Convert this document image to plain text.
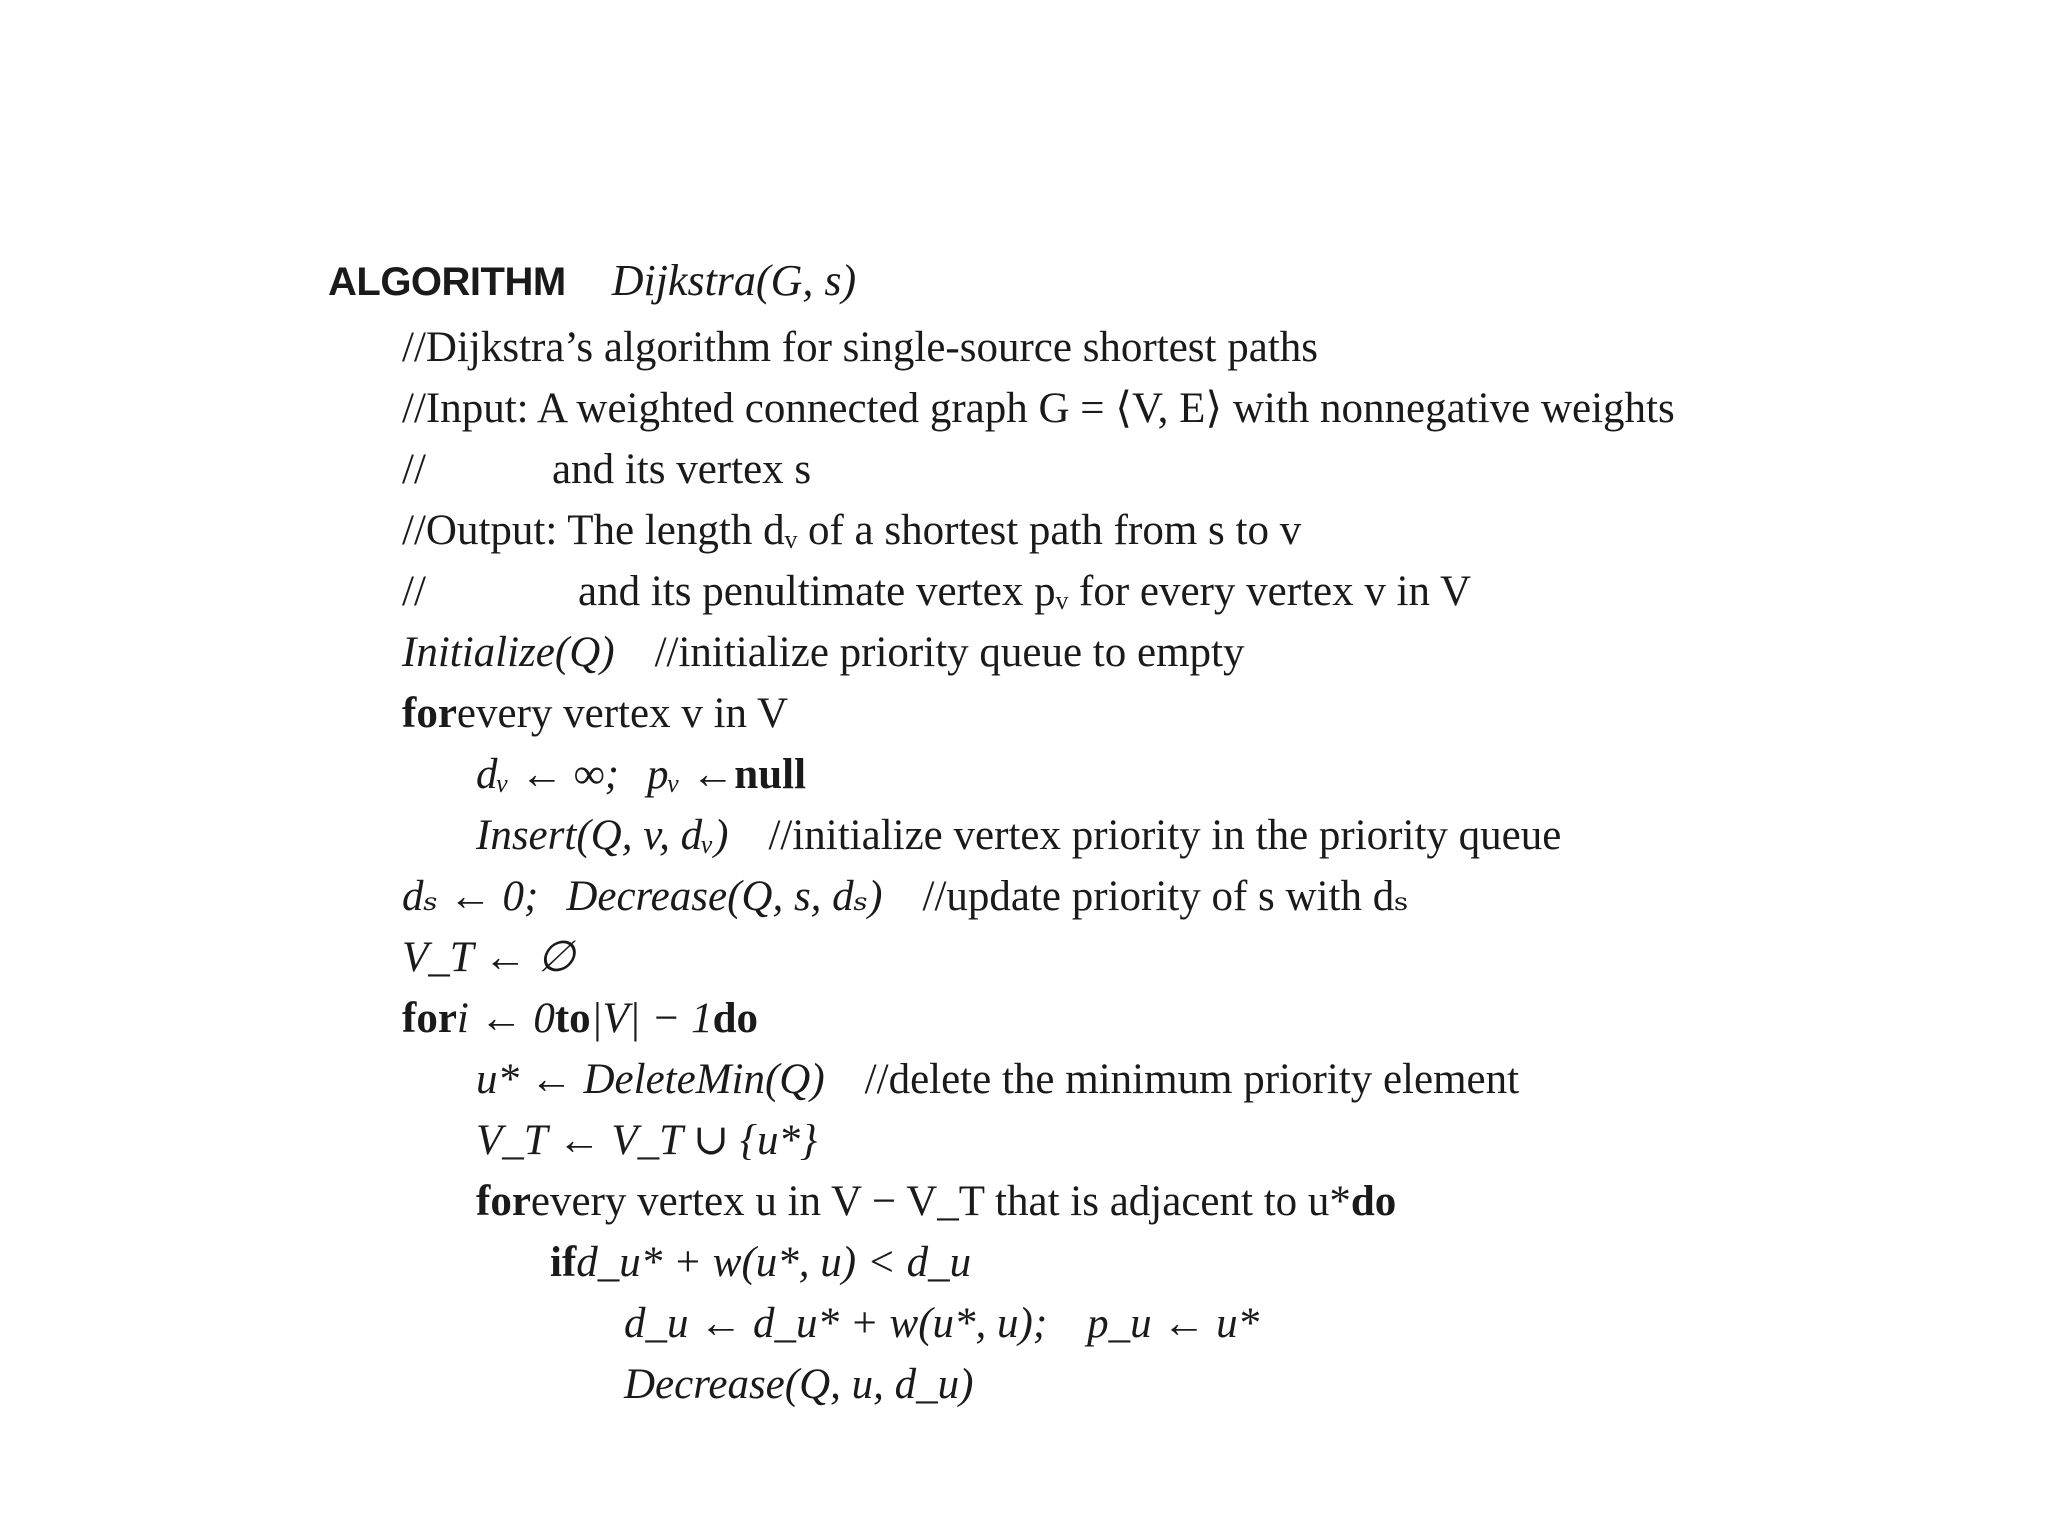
ALGORITHM Dijkstra(G, s)
//Dijkstra’s algorithm for single-source shortest paths
//Input: A weighted connected graph G = ⟨V, E⟩ with nonnegative weights
//	and its vertex s
//Output: The length dᵥ of a shortest path from s to v
//	and its penultimate vertex pᵥ for every vertex v in V
Initialize(Q) //initialize priority queue to empty
for every vertex v in V
dᵥ ← ∞; pᵥ ← null
Insert(Q, v, dᵥ) //initialize vertex priority in the priority queue
dₛ ← 0; Decrease(Q, s, dₛ) //update priority of s with dₛ
V_T ← ∅
for i ← 0 to |V| − 1 do
u* ← DeleteMin(Q) //delete the minimum priority element
V_T ← V_T ∪ {u*}
for every vertex u in V − V_T that is adjacent to u* do
if d_u* + w(u*, u) < d_u
d_u ← d_u* + w(u*, u); p_u ← u*
Decrease(Q, u, d_u)
